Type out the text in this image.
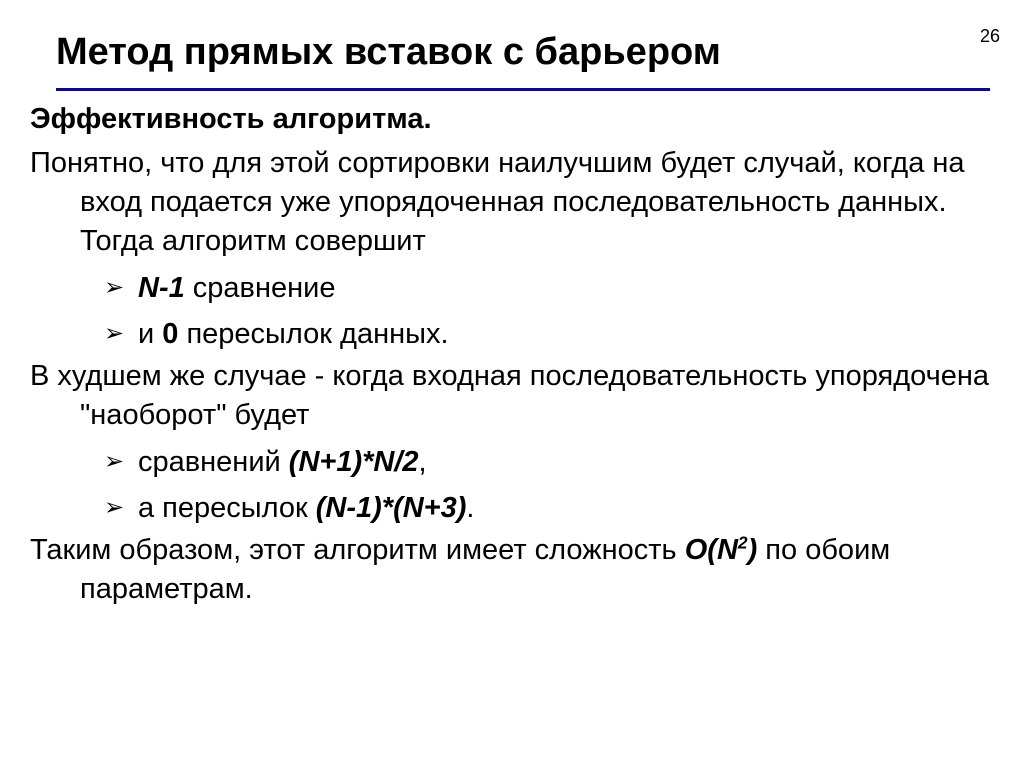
Метод прямых вставок с барьером	26
Эффективность алгоритма.
Понятно, что для этой сортировки наилучшим будет случай, когда на вход подается уже упорядоченная последовательность данных. Тогда алгоритм совершит
➢ N-1 сравнение
➢ и 0 пересылок данных.
В худшем же случае - когда входная последовательность упорядочена "наоборот" будет
➢ сравнений (N+1)*N/2,
➢ а пересылок (N-1)*(N+3).
Таким образом, этот алгоритм имеет сложность $O(N^2)$ по обоим параметрам.
